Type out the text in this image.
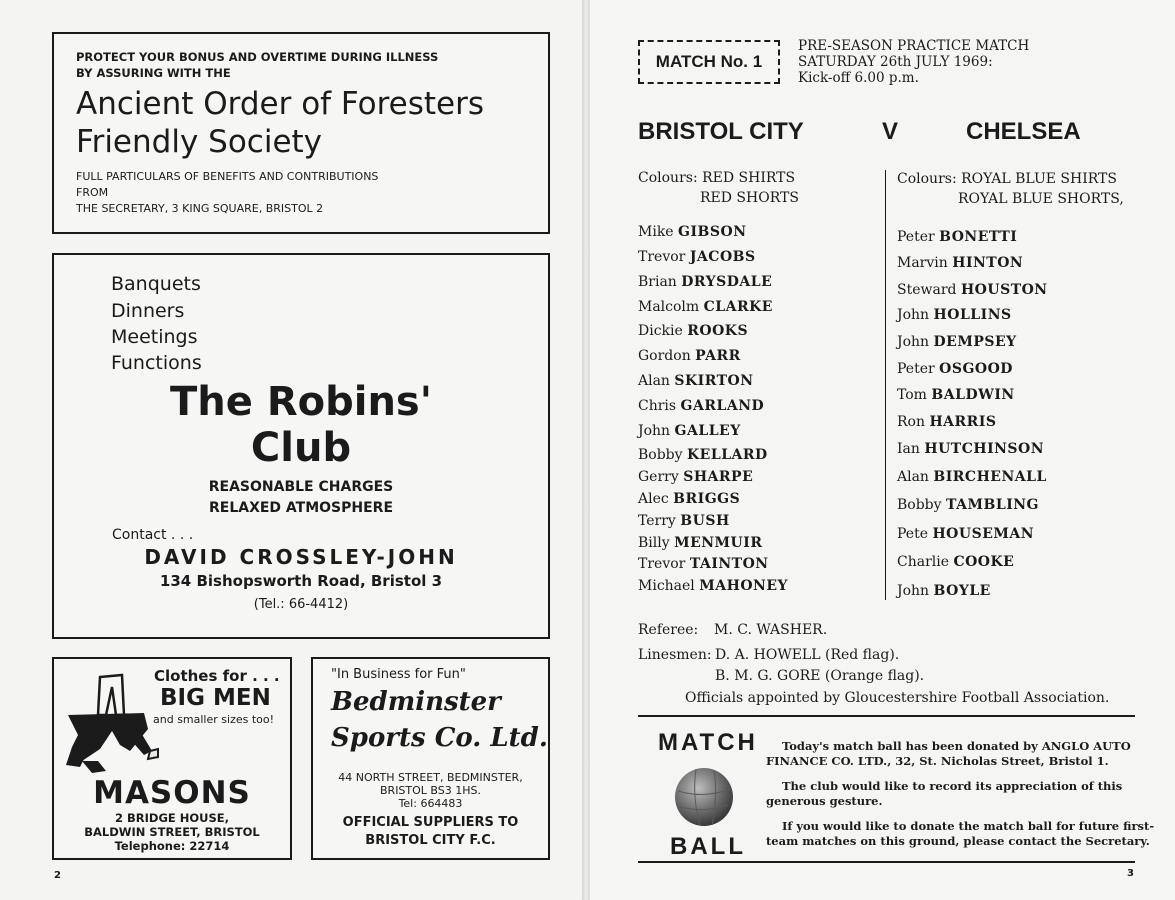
PROTECT YOUR BONUS AND OVERTIME DURING ILLNESS
BY ASSURING WITH THE
Ancient Order of Foresters
Friendly Society
FULL PARTICULARS OF BENEFITS AND CONTRIBUTIONS
FROM
THE SECRETARY, 3 KING SQUARE, BRISTOL 2
Banquets
Dinners
Meetings
Functions
The Robins'
Club
REASONABLE CHARGES
RELAXED ATMOSPHERE
Contact . . .
DAVID CROSSLEY-JOHN
134 Bishopsworth Road, Bristol 3
(Tel.: 66-4412)
Clothes for . . .
BIG MEN
and smaller sizes too!
MASONS
2 BRIDGE HOUSE,
BALDWIN STREET, BRISTOL
Telephone: 22714
"In Business for Fun"
Bedminster
Sports Co. Ltd.
44 NORTH STREET, BEDMINSTER,
BRISTOL BS3 1HS.
Tel: 664483
OFFICIAL SUPPLIERS TO
BRISTOL CITY F.C.
2
MATCH No. 1
PRE-SEASON PRACTICE MATCH
SATURDAY 26th JULY 1969:
Kick-off 6.00 p.m.
BRISTOL CITY	V	CHELSEA
Colours: RED SHIRTS
RED SHORTS
Colours: ROYAL BLUE SHIRTS
ROYAL BLUE SHORTS,
Mike GIBSON
Trevor JACOBS
Brian DRYSDALE
Malcolm CLARKE
Dickie ROOKS
Gordon PARR
Alan SKIRTON
Chris GARLAND
John GALLEY
Bobby KELLARD
Gerry SHARPE
Alec BRIGGS
Terry BUSH
Billy MENMUIR
Trevor TAINTON
Michael MAHONEY
Peter BONETTI
Marvin HINTON
Steward HOUSTON
John HOLLINS
John DEMPSEY
Peter OSGOOD
Tom BALDWIN
Ron HARRIS
Ian HUTCHINSON
Alan BIRCHENALL
Bobby TAMBLING
Pete HOUSEMAN
Charlie COOKE
John BOYLE
Referee: M. C. WASHER.
Linesmen: D. A. HOWELL (Red flag).
B. M. G. GORE (Orange flag).
Officials appointed by Gloucestershire Football Association.
MATCH
BALL
Today's match ball has been donated by ANGLO AUTO
FINANCE CO. LTD., 32, St. Nicholas Street, Bristol 1.
The club would like to record its appreciation of this
generous gesture.
If you would like to donate the match ball for future first-
team matches on this ground, please contact the Secretary.
3
